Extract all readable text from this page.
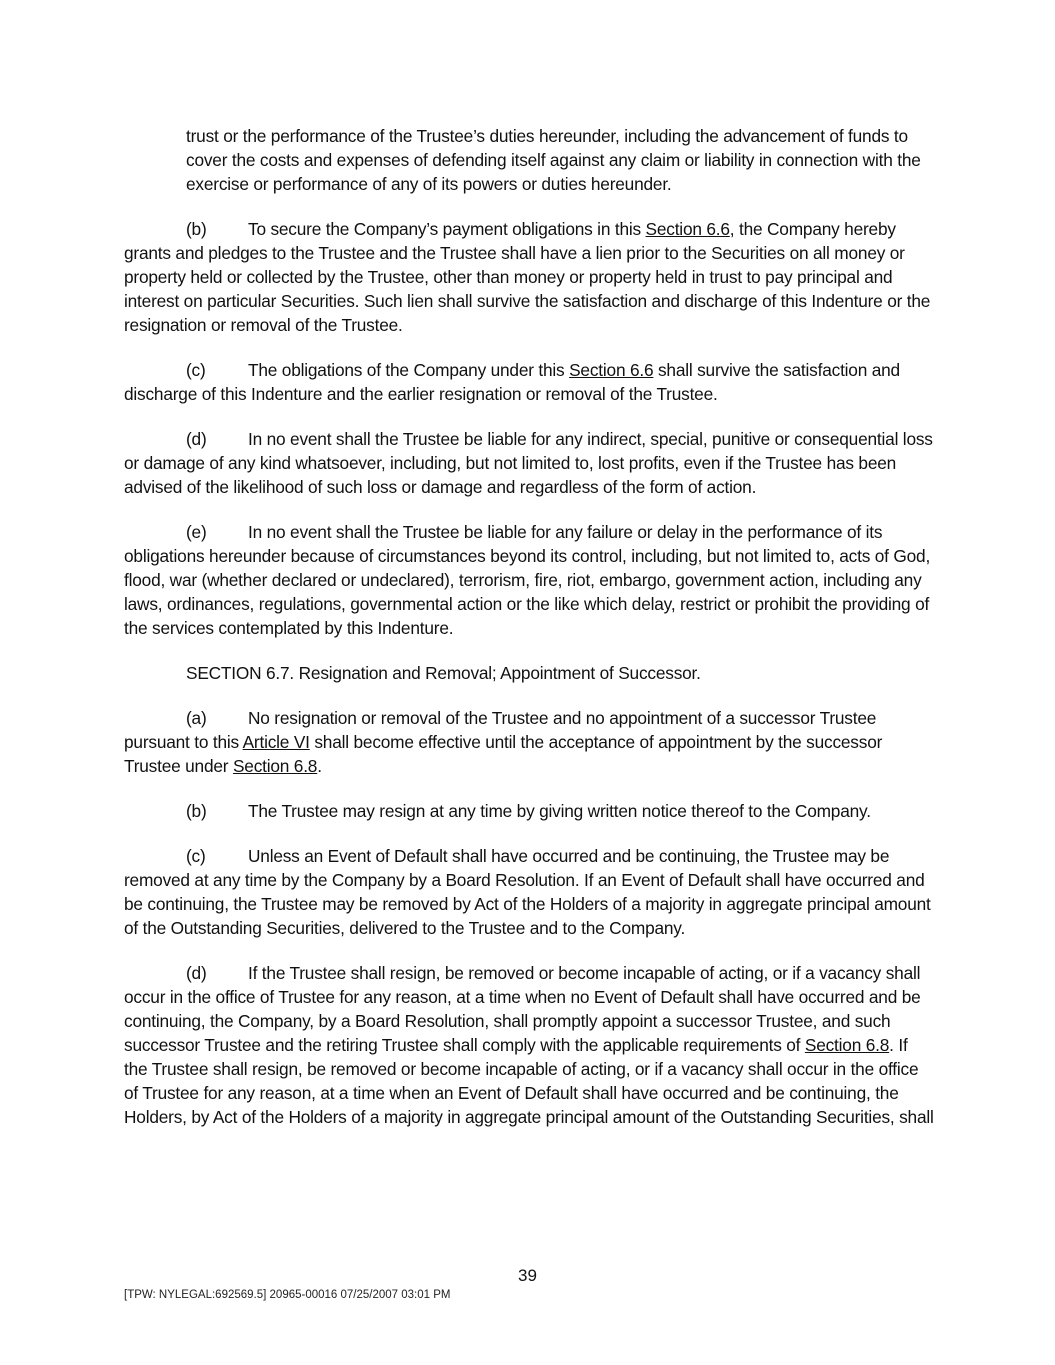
trust or the performance of the Trustee’s duties hereunder, including the advancement of funds to cover the costs and expenses of defending itself against any claim or liability in connection with the exercise or performance of any of its powers or duties hereunder.

(b) To secure the Company’s payment obligations in this Section 6.6, the Company hereby grants and pledges to the Trustee and the Trustee shall have a lien prior to the Securities on all money or property held or collected by the Trustee, other than money or property held in trust to pay principal and interest on particular Securities. Such lien shall survive the satisfaction and discharge of this Indenture or the resignation or removal of the Trustee.

(c) The obligations of the Company under this Section 6.6 shall survive the satisfaction and discharge of this Indenture and the earlier resignation or removal of the Trustee.

(d) In no event shall the Trustee be liable for any indirect, special, punitive or consequential loss or damage of any kind whatsoever, including, but not limited to, lost profits, even if the Trustee has been advised of the likelihood of such loss or damage and regardless of the form of action.

(e) In no event shall the Trustee be liable for any failure or delay in the performance of its obligations hereunder because of circumstances beyond its control, including, but not limited to, acts of God, flood, war (whether declared or undeclared), terrorism, fire, riot, embargo, government action, including any laws, ordinances, regulations, governmental action or the like which delay, restrict or prohibit the providing of the services contemplated by this Indenture.

SECTION 6.7. Resignation and Removal; Appointment of Successor.

(a) No resignation or removal of the Trustee and no appointment of a successor Trustee pursuant to this Article VI shall become effective until the acceptance of appointment by the successor Trustee under Section 6.8.

(b) The Trustee may resign at any time by giving written notice thereof to the Company.

(c) Unless an Event of Default shall have occurred and be continuing, the Trustee may be removed at any time by the Company by a Board Resolution. If an Event of Default shall have occurred and be continuing, the Trustee may be removed by Act of the Holders of a majority in aggregate principal amount of the Outstanding Securities, delivered to the Trustee and to the Company.

(d) If the Trustee shall resign, be removed or become incapable of acting, or if a vacancy shall occur in the office of Trustee for any reason, at a time when no Event of Default shall have occurred and be continuing, the Company, by a Board Resolution, shall promptly appoint a successor Trustee, and such successor Trustee and the retiring Trustee shall comply with the applicable requirements of Section 6.8. If the Trustee shall resign, be removed or become incapable of acting, or if a vacancy shall occur in the office of Trustee for any reason, at a time when an Event of Default shall have occurred and be continuing, the Holders, by Act of the Holders of a majority in aggregate principal amount of the Outstanding Securities, shall

39
[TPW: NYLEGAL:692569.5] 20965-00016 07/25/2007 03:01 PM
